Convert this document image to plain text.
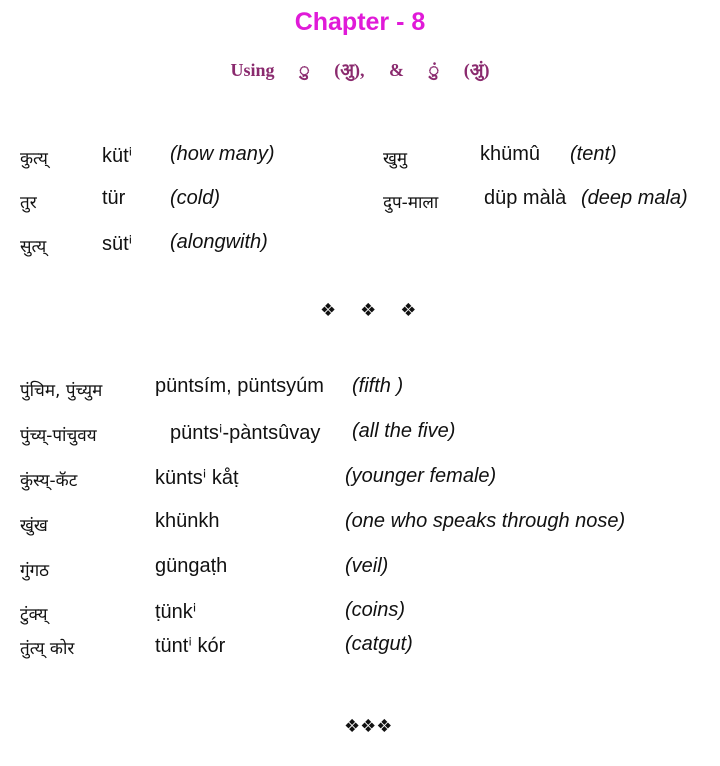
Chapter - 8
Using ु (अु), & ुं (अुं)
कुत्य्	kütⁱ (how many)
तुर	tür (cold)
सुत्य्	sütⁱ (alongwith)
खुमु	khümû (tent)
दुप-माला düp màlà (deep mala)
❖ ❖ ❖
पुंचिम, पुंच्युम	püntsím, püntsyúm (fifth )
पुंच्य्-पांचुवय	püntsⁱ-pàntsûvay (all the five)
कुंस्य्-कॅट	küntsⁱ kåṭ	(younger female)
खुंख	khünkh	(one who speaks through nose)
गुंगठ	güngaṭh	(veil)
टुंक्य्	ṭünkⁱ	(coins)
तुंत्य् कोर	tüntⁱ kór	(catgut)
❖❖❖
